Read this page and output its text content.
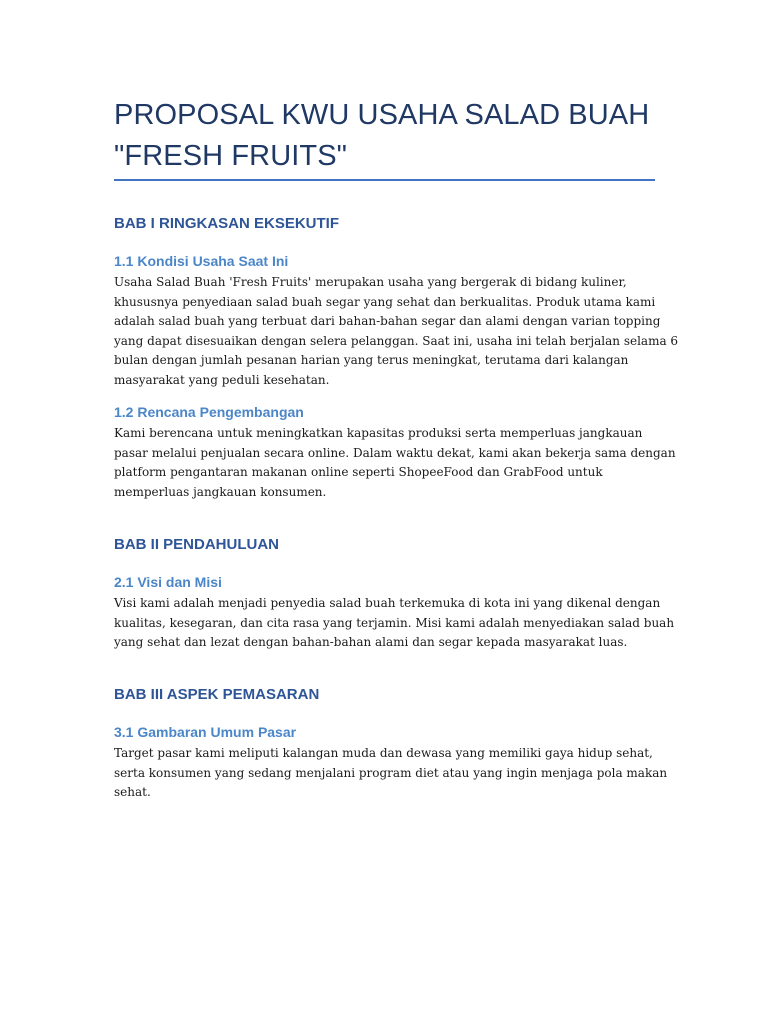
PROPOSAL KWU USAHA SALAD BUAH
"FRESH FRUITS"
BAB I RINGKASAN EKSEKUTIF
1.1 Kondisi Usaha Saat Ini
Usaha Salad Buah 'Fresh Fruits' merupakan usaha yang bergerak di bidang kuliner,
khususnya penyediaan salad buah segar yang sehat dan berkualitas. Produk utama kami
adalah salad buah yang terbuat dari bahan-bahan segar dan alami dengan varian topping
yang dapat disesuaikan dengan selera pelanggan. Saat ini, usaha ini telah berjalan selama 6
bulan dengan jumlah pesanan harian yang terus meningkat, terutama dari kalangan
masyarakat yang peduli kesehatan.
1.2 Rencana Pengembangan
Kami berencana untuk meningkatkan kapasitas produksi serta memperluas jangkauan
pasar melalui penjualan secara online. Dalam waktu dekat, kami akan bekerja sama dengan
platform pengantaran makanan online seperti ShopeeFood dan GrabFood untuk
memperluas jangkauan konsumen.
BAB II PENDAHULUAN
2.1 Visi dan Misi
Visi kami adalah menjadi penyedia salad buah terkemuka di kota ini yang dikenal dengan
kualitas, kesegaran, dan cita rasa yang terjamin. Misi kami adalah menyediakan salad buah
yang sehat dan lezat dengan bahan-bahan alami dan segar kepada masyarakat luas.
BAB III ASPEK PEMASARAN
3.1 Gambaran Umum Pasar
Target pasar kami meliputi kalangan muda dan dewasa yang memiliki gaya hidup sehat,
serta konsumen yang sedang menjalani program diet atau yang ingin menjaga pola makan
sehat.
